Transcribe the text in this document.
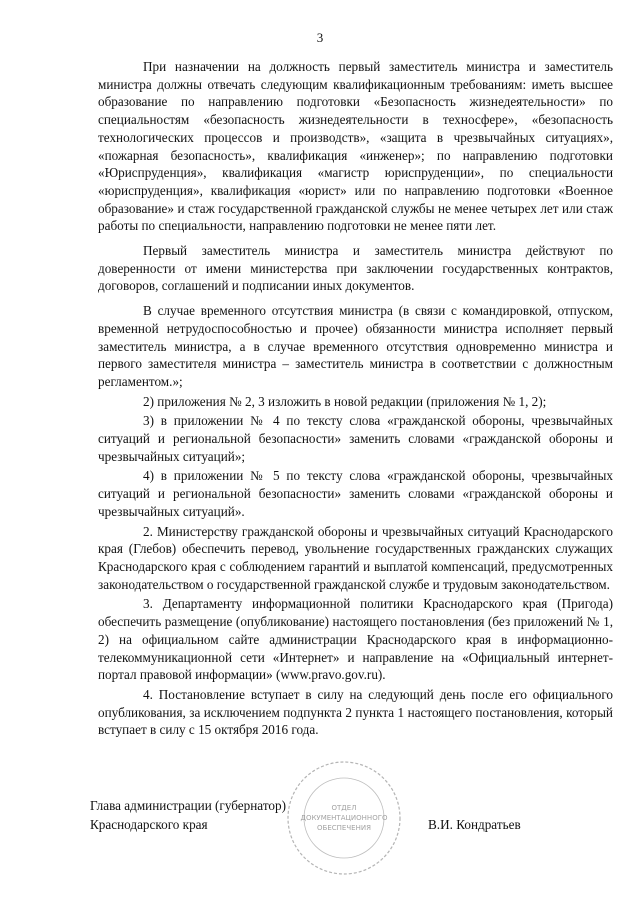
3

При назначении на должность первый заместитель министра и заместитель министра должны отвечать следующим квалификационным требованиям: иметь высшее образование по направлению подготовки «Безопасность жизнедеятельности» по специальностям «безопасность жизнедеятельности в техносфере», «безопасность технологических процессов и производств», «защита в чрезвычайных ситуациях», «пожарная безопасность», квалификация «инженер»; по направлению подготовки «Юриспруденция», квалификация «магистр юриспруденции», по специальности «юриспруденция», квалификация «юрист» или по направлению подготовки «Военное образование» и стаж государственной гражданской службы не менее четырех лет или стаж работы по специальности, направлению подготовки не менее пяти лет.

Первый заместитель министра и заместитель министра действуют по доверенности от имени министерства при заключении государственных контрактов, договоров, соглашений и подписании иных документов.

В случае временного отсутствия министра (в связи с командировкой, отпуском, временной нетрудоспособностью и прочее) обязанности министра исполняет первый заместитель министра, а в случае временного отсутствия одновременно министра и первого заместителя министра – заместитель министра в соответствии с должностным регламентом.»;

2) приложения № 2, 3 изложить в новой редакции (приложения № 1, 2);

3) в приложении № 4 по тексту слова «гражданской обороны, чрезвычайных ситуаций и региональной безопасности» заменить словами «гражданской обороны и чрезвычайных ситуаций»;

4) в приложении № 5 по тексту слова «гражданской обороны, чрезвычайных ситуаций и региональной безопасности» заменить словами «гражданской обороны и чрезвычайных ситуаций».

2. Министерству гражданской обороны и чрезвычайных ситуаций Краснодарского края (Глебов) обеспечить перевод, увольнение государственных гражданских служащих Краснодарского края с соблюдением гарантий и выплатой компенсаций, предусмотренных законодательством о государственной гражданской службе и трудовым законодательством.

3. Департаменту информационной политики Краснодарского края (Пригода) обеспечить размещение (опубликование) настоящего постановления (без приложений № 1, 2) на официальном сайте администрации Краснодарского края в информационно-телекоммуникационной сети «Интернет» и направление на «Официальный интернет-портал правовой информации» (www.pravo.gov.ru).

4. Постановление вступает в силу на следующий день после его официального опубликования, за исключением подпункта 2 пункта 1 настоящего постановления, который вступает в силу с 15 октября 2016 года.

ОТДЕЛ
ДОКУМЕНТАЦИОННОГО
ОБЕСПЕЧЕНИЯ
Глава администрации (губернатор)
Краснодарского края	В.И. Кондратьев
